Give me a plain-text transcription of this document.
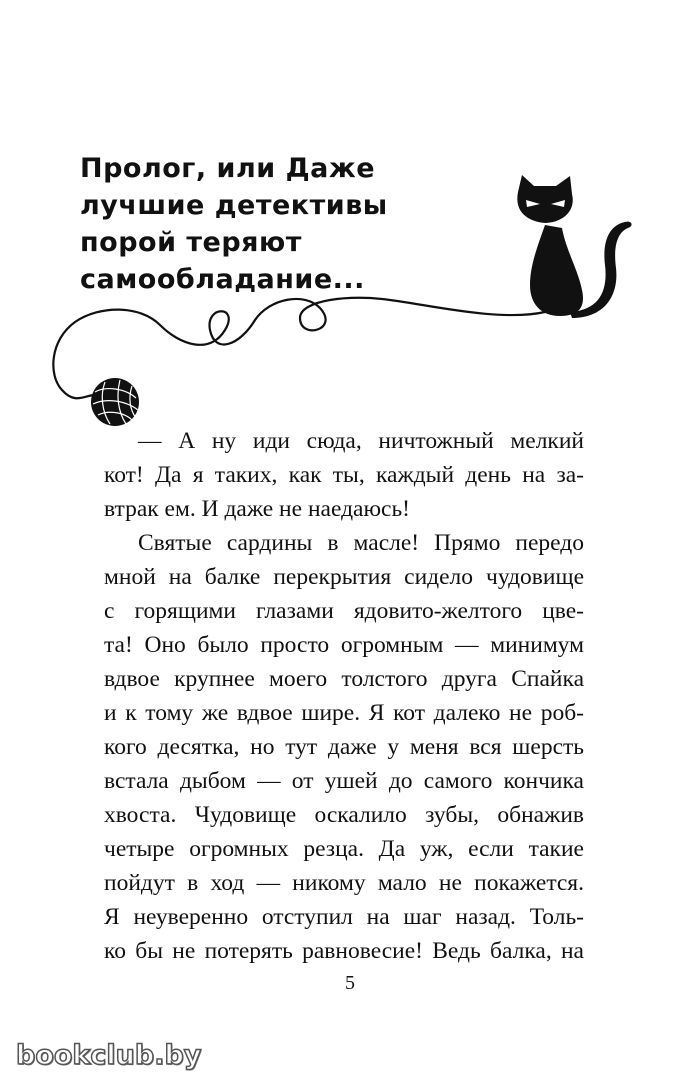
Пролог, или Даже
лучшие детективы
порой теряют
самообладание...
— А ну иди сюда, ничтожный мелкий
кот! Да я таких, как ты, каждый день на за-
втрак ем. И даже не наедаюсь!
Святые сардины в масле! Прямо передо
мной на балке перекрытия сидело чудовище
с горящими глазами ядовито-желтого цве-
та! Оно было просто огромным — минимум
вдвое крупнее моего толстого друга Спайка
и к тому же вдвое шире. Я кот далеко не роб-
кого десятка, но тут даже у меня вся шерсть
встала дыбом — от ушей до самого кончика
хвоста. Чудовище оскалило зубы, обнажив
четыре огромных резца. Да уж, если такие
пойдут в ход — никому мало не покажется.
Я неуверенно отступил на шаг назад. Толь-
ко бы не потерять равновесие! Ведь балка, на
5
bookclub.by
